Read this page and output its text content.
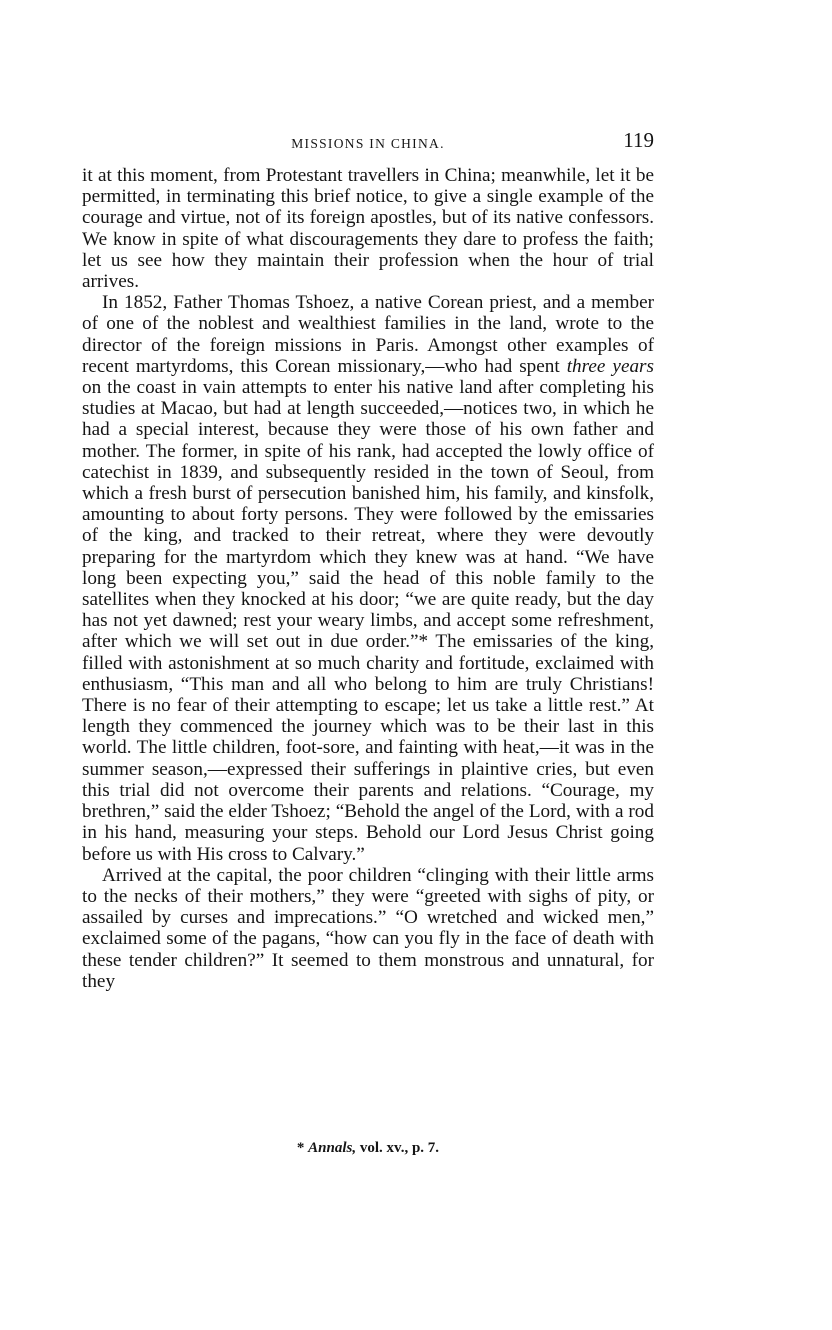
MISSIONS IN CHINA.	119

it at this moment, from Protestant travellers in China; meanwhile, let it be permitted, in terminating this brief notice, to give a single example of the courage and virtue, not of its foreign apostles, but of its native confessors. We know in spite of what discouragements they dare to profess the faith; let us see how they maintain their profession when the hour of trial arrives.

In 1852, Father Thomas Tshoez, a native Corean priest, and a member of one of the noblest and wealthiest families in the land, wrote to the director of the foreign missions in Paris. Amongst other examples of recent martyrdoms, this Corean missionary,—who had spent three years on the coast in vain attempts to enter his native land after completing his studies at Macao, but had at length succeeded,—notices two, in which he had a special interest, because they were those of his own father and mother. The former, in spite of his rank, had accepted the lowly office of catechist in 1839, and subsequently resided in the town of Seoul, from which a fresh burst of persecution banished him, his family, and kinsfolk, amounting to about forty persons. They were followed by the emissaries of the king, and tracked to their retreat, where they were devoutly preparing for the martyrdom which they knew was at hand. “We have long been expecting you,” said the head of this noble family to the satellites when they knocked at his door; “we are quite ready, but the day has not yet dawned; rest your weary limbs, and accept some refreshment, after which we will set out in due order.”* The emissaries of the king, filled with astonishment at so much charity and fortitude, exclaimed with enthusiasm, “This man and all who belong to him are truly Christians! There is no fear of their attempting to escape; let us take a little rest.” At length they commenced the journey which was to be their last in this world. The little children, foot-sore, and fainting with heat,—it was in the summer season,—expressed their sufferings in plaintive cries, but even this trial did not overcome their parents and relations. “Courage, my brethren,” said the elder Tshoez; “Behold the angel of the Lord, with a rod in his hand, measuring your steps. Behold our Lord Jesus Christ going before us with His cross to Calvary.”

Arrived at the capital, the poor children “clinging with their little arms to the necks of their mothers,” they were “greeted with sighs of pity, or assailed by curses and imprecations.” “O wretched and wicked men,” exclaimed some of the pagans, “how can you fly in the face of death with these tender children?” It seemed to them monstrous and unnatural, for they

* Annals, vol. xv., p. 7.
